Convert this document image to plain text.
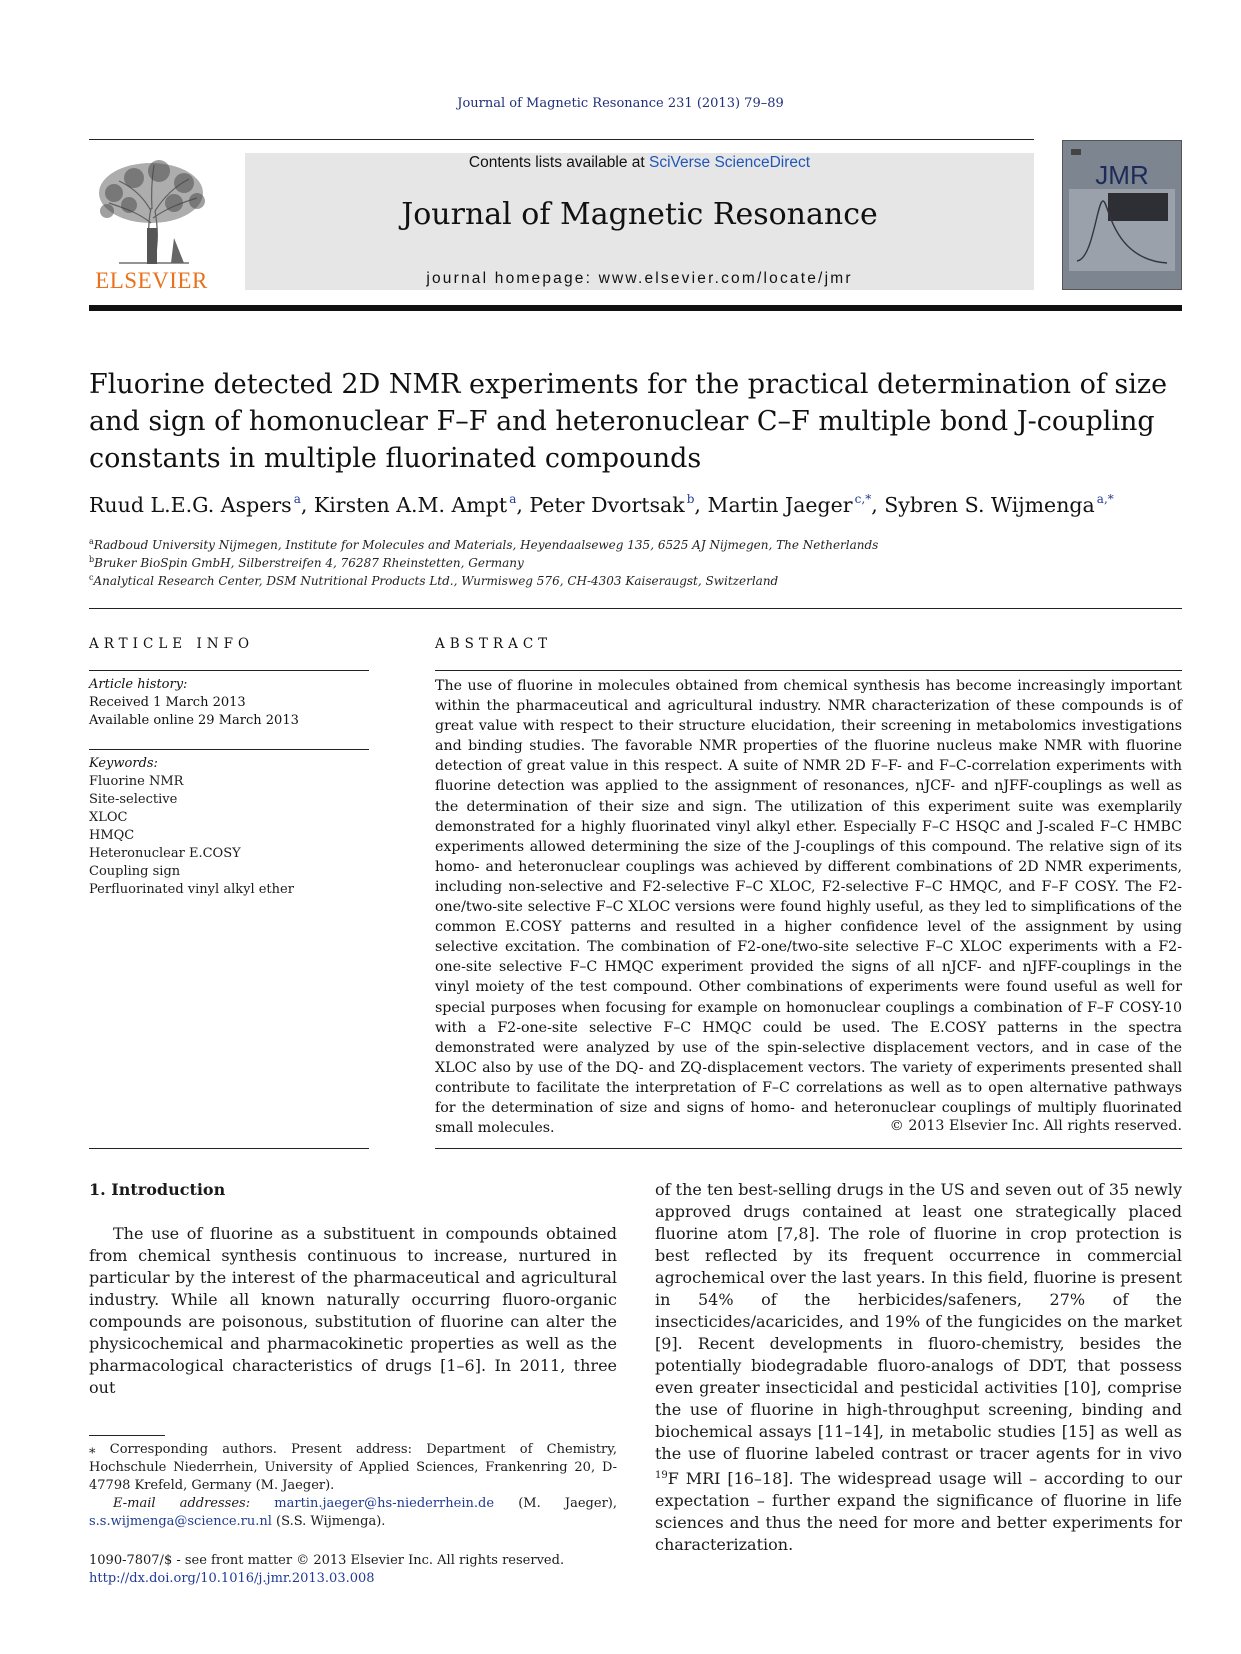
Journal of Magnetic Resonance 231 (2013) 79–89
ELSEVIER
Contents lists available at SciVerse ScienceDirect
Journal of Magnetic Resonance
journal homepage: www.elsevier.com/locate/jmr
JMR
Fluorine detected 2D NMR experiments for the practical determination of size and sign of homonuclear F–F and heteronuclear C–F multiple bond J-coupling constants in multiple fluorinated compounds
Ruud L.E.G. Aspers  $^a$, Kirsten A.M. Ampt  $^a$, Peter Dvortsak  $^b$, Martin Jaeger  $^{c,*}$, Sybren S. Wijmenga  $^{a,*}$
$^a$Radboud University Nijmegen, Institute for Molecules and Materials, Heyendaalseweg 135, 6525 AJ Nijmegen, The Netherlands
$^b$Bruker BioSpin GmbH, Silberstreifen 4, 76287 Rheinstetten, Germany
$^c$Analytical Research Center, DSM Nutritional Products Ltd., Wurmisweg 576, CH-4303 Kaiseraugst, Switzerland
ARTICLE INFO	ABSTRACT
Article history:
Received 1 March 2013
Available online 29 March 2013
Keywords:
Fluorine NMR
Site-selective
XLOC
HMQC
Heteronuclear E.COSY
Coupling sign
Perfluorinated vinyl alkyl ether

The use of fluorine in molecules obtained from chemical synthesis has become increasingly important within the pharmaceutical and agricultural industry. NMR characterization of these compounds is of great value with respect to their structure elucidation, their screening in metabolomics investigations and binding studies. The favorable NMR properties of the fluorine nucleus make NMR with fluorine detection of great value in this respect. A suite of NMR 2D F–F- and F–C-correlation experiments with fluorine detection was applied to the assignment of resonances, nJCF- and nJFF-couplings as well as the determination of their size and sign. The utilization of this experiment suite was exemplarily demonstrated for a highly fluorinated vinyl alkyl ether. Especially F–C HSQC and J-scaled F–C HMBC experiments allowed determining the size of the J-couplings of this compound. The relative sign of its homo- and heteronuclear couplings was achieved by different combinations of 2D NMR experiments, including non-selective and F2-selective F–C XLOC, F2-selective F–C HMQC, and F–F COSY. The F2-one/two-site selective F–C XLOC versions were found highly useful, as they led to simplifications of the common E.COSY patterns and resulted in a higher confidence level of the assignment by using selective excitation. The combination of F2-one/two-site selective F–C XLOC experiments with a F2-one-site selective F–C HMQC experiment provided the signs of all nJCF- and nJFF-couplings in the vinyl moiety of the test compound. Other combinations of experiments were found useful as well for special purposes when focusing for example on homonuclear couplings a combination of F–F COSY-10 with a F2-one-site selective F–C HMQC could be used. The E.COSY patterns in the spectra demonstrated were analyzed by use of the spin-selective displacement vectors, and in case of the XLOC also by use of the DQ- and ZQ-displacement vectors. The variety of experiments presented shall contribute to facilitate the interpretation of F–C correlations as well as to open alternative pathways for the determination of size and signs of homo- and heteronuclear couplings of multiply fluorinated small molecules.	© 2013 Elsevier Inc. All rights reserved.
1. Introduction

The use of fluorine as a substituent in compounds obtained from chemical synthesis continuous to increase, nurtured in particular by the interest of the pharmaceutical and agricultural industry. While all known naturally occurring fluoro-organic compounds are poisonous, substitution of fluorine can alter the physicochemical and pharmacokinetic properties as well as the pharmacological characteristics of drugs [1–6]. In 2011, three out

of the ten best-selling drugs in the US and seven out of 35 newly approved drugs contained at least one strategically placed fluorine atom [7,8]. The role of fluorine in crop protection is best reflected by its frequent occurrence in commercial agrochemical over the last years. In this field, fluorine is present in 54% of the herbicides/safeners, 27% of the insecticides/acaricides, and 19% of the fungicides on the market [9]. Recent developments in fluoro-chemistry, besides the potentially biodegradable fluoro-analogs of DDT, that possess even greater insecticidal and pesticidal activities [10], comprise the use of fluorine in high-throughput screening, binding and biochemical assays [11–14], in metabolic studies [15] as well as the use of fluorine labeled contrast or tracer agents for in vivo $^{19}$F MRI [16–18]. The widespread usage will – according to our expectation – further expand the significance of fluorine in life sciences and thus the need for more and better experiments for characterization.

⁎ Corresponding authors. Present address: Department of Chemistry, Hochschule Niederrhein, University of Applied Sciences, Frankenring 20, D-47798 Krefeld, Germany (M. Jaeger).

E-mail addresses: martin.jaeger@hs-niederrhein.de (M. Jaeger), s.s.wijmenga@science.ru.nl (S.S. Wijmenga).

1090-7807/$ - see front matter © 2013 Elsevier Inc. All rights reserved.
http://dx.doi.org/10.1016/j.jmr.2013.03.008
